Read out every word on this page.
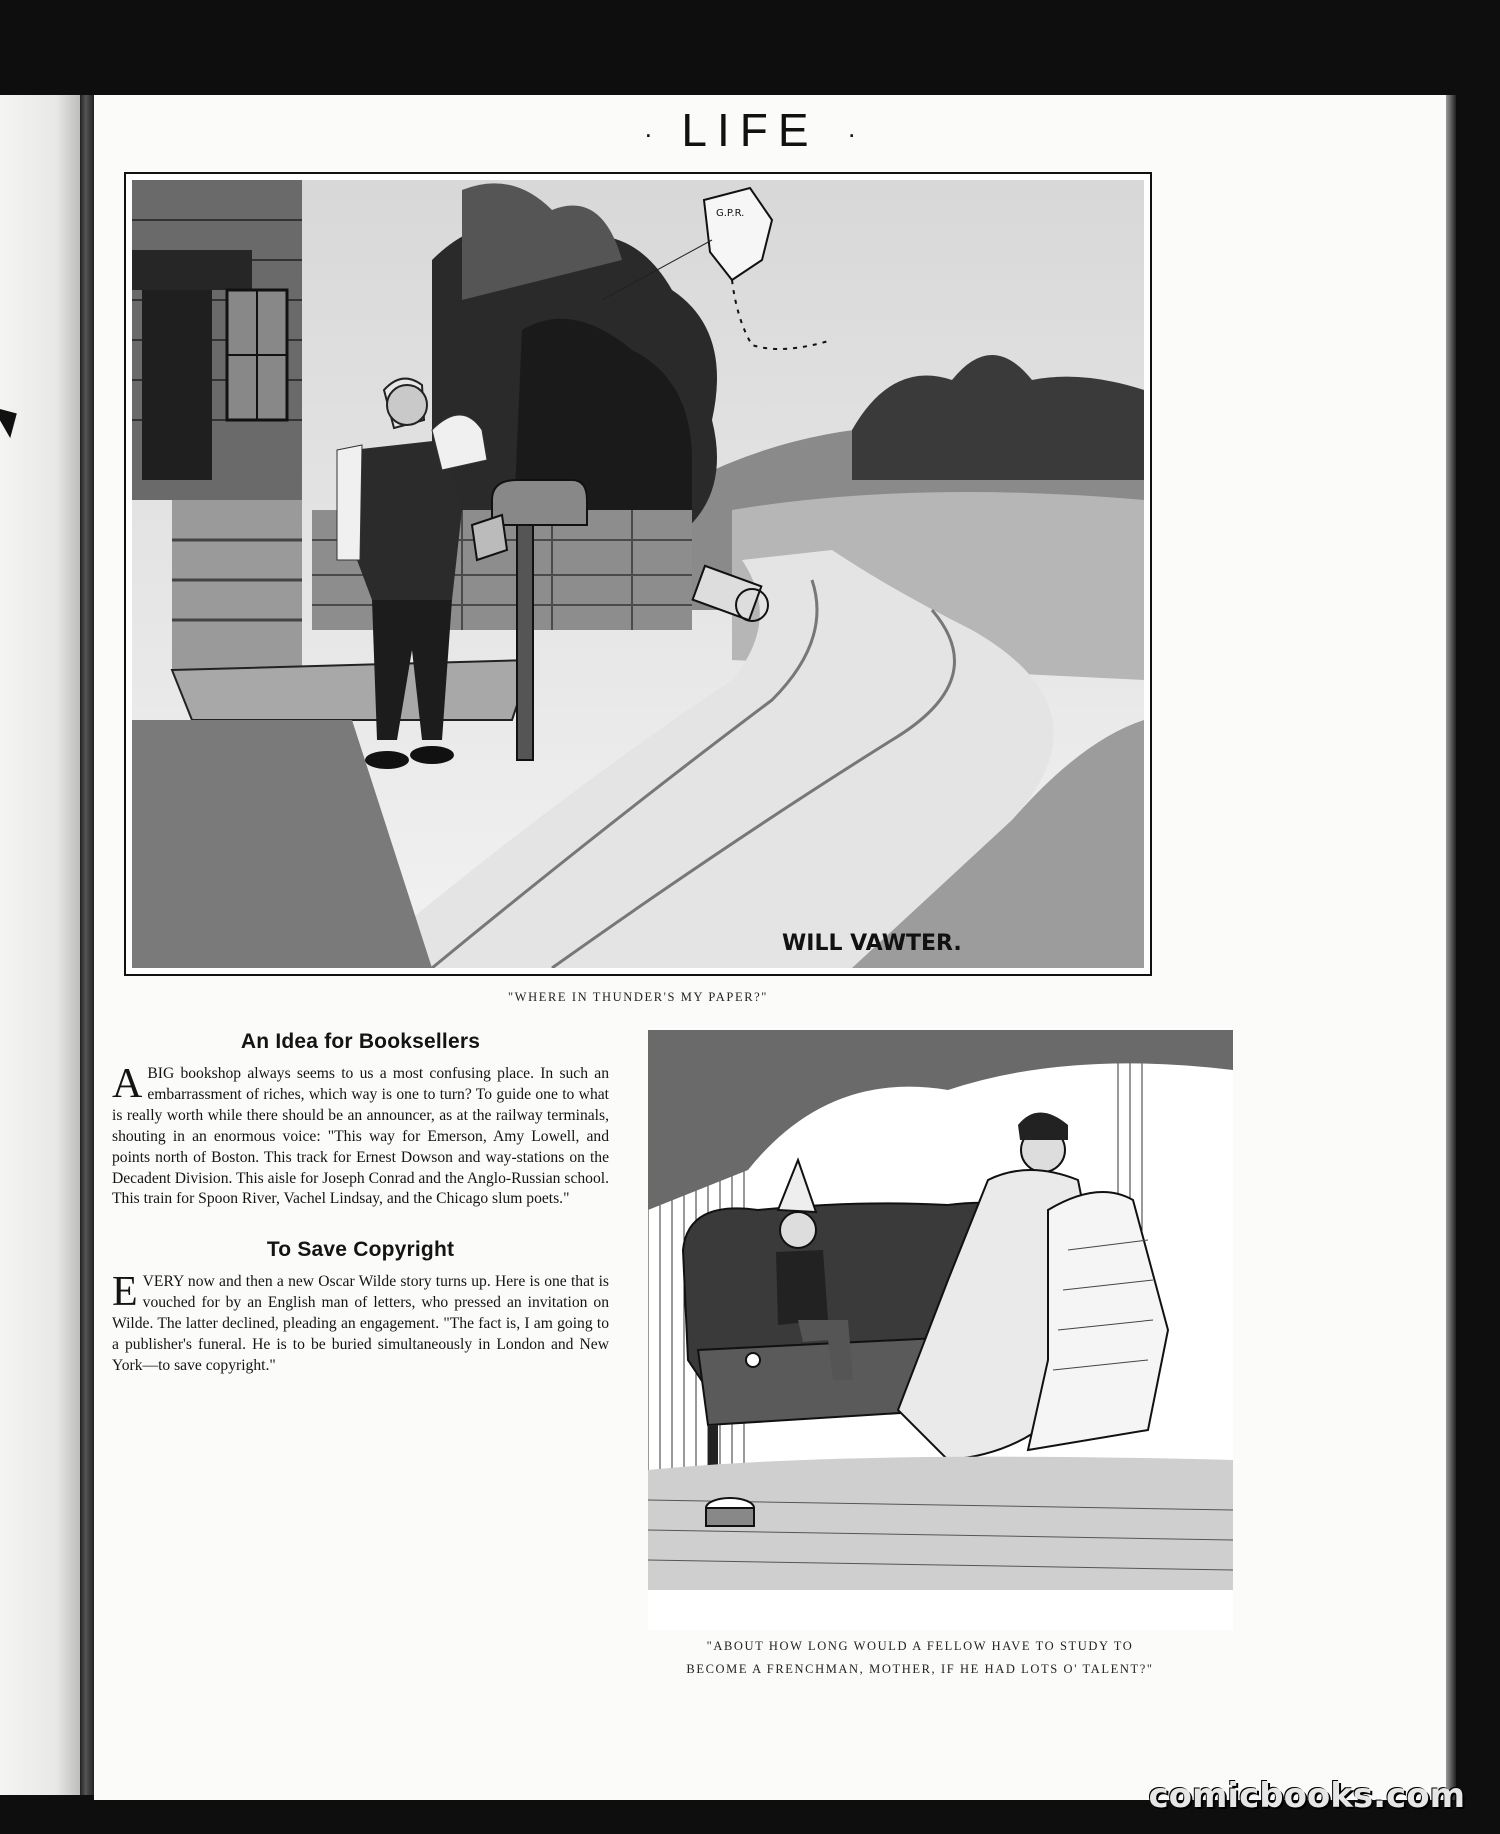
· LIFE ·
G.P.R.
WILL VAWTER.
"WHERE IN THUNDER'S MY PAPER?"
An Idea for Booksellers

ABIG bookshop always seems to us a most confusing place. In such an embarrassment of riches, which way is one to turn? To guide one to what is really worth while there should be an announcer, as at the railway terminals, shouting in an enormous voice: "This way for Emerson, Amy Lowell, and points north of Boston. This track for Ernest Dowson and way-stations on the Decadent Division. This aisle for Joseph Conrad and the Anglo-Russian school. This train for Spoon River, Vachel Lindsay, and the Chicago slum poets."

To Save Copyright

EVERY now and then a new Oscar Wilde story turns up. Here is one that is vouched for by an English man of letters, who pressed an invitation on Wilde. The latter declined, pleading an engagement. "The fact is, I am going to a publisher's funeral. He is to be buried simultaneously in London and New York—to save copyright."

"ABOUT HOW LONG WOULD A FELLOW HAVE TO STUDY TO
BECOME A FRENCHMAN, MOTHER, IF HE HAD LOTS O' TALENT?"
comicbooks.com
